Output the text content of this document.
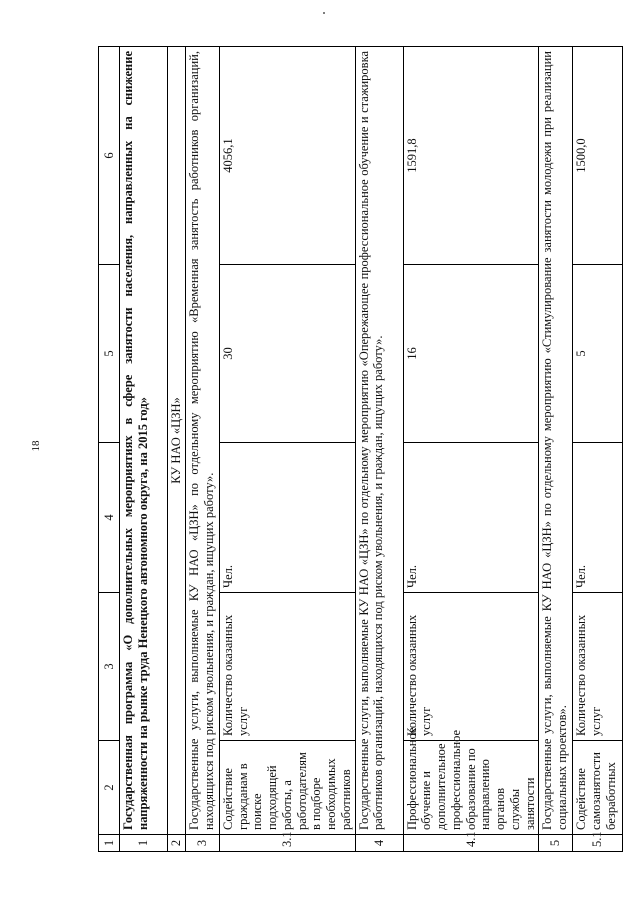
18
1	2	3	4	5	6
1	Государственная программа «О дополнительных мероприятиях в сфере занятости населения, направленных на снижение напряженности на рынке труда Ненецкого автономного округа, на 2015 год»				
2	КУ НАО «ЦЗН»				
3	Государственные услуги, выполняемые КУ НАО «ЦЗН» по отдельному мероприятию «Временная занятость работников организаций, находящихся под риском увольнения, и граждан, ищущих работу».				
3.1	Содействие гражданам в поиске подходящей работы, а работодателям в подборе необходимых работников	Количество оказанных услуг	Чел.	30	4056,1
4	Государственные услуги, выполняемые КУ НАО «ЦЗН» по отдельному мероприятию «Опережающее профессиональное обучение и стажировка работников организаций, находящихся под риском увольнения, и граждан, ищущих работу».				
4.1	Профессиональное обучение и дополнительное профессиональное образование по направлению органов службы занятости	Количество оказанных услуг	Чел.	16	1591,8
5	Государственные услуги, выполняемые КУ НАО «ЦЗН» по отдельному мероприятию «Стимулирование занятости молодежи при реализации социальных проектов».				
5.1	Содействие самозанятости безработных	Количество оказанных услуг	Чел.	5	1500,0
